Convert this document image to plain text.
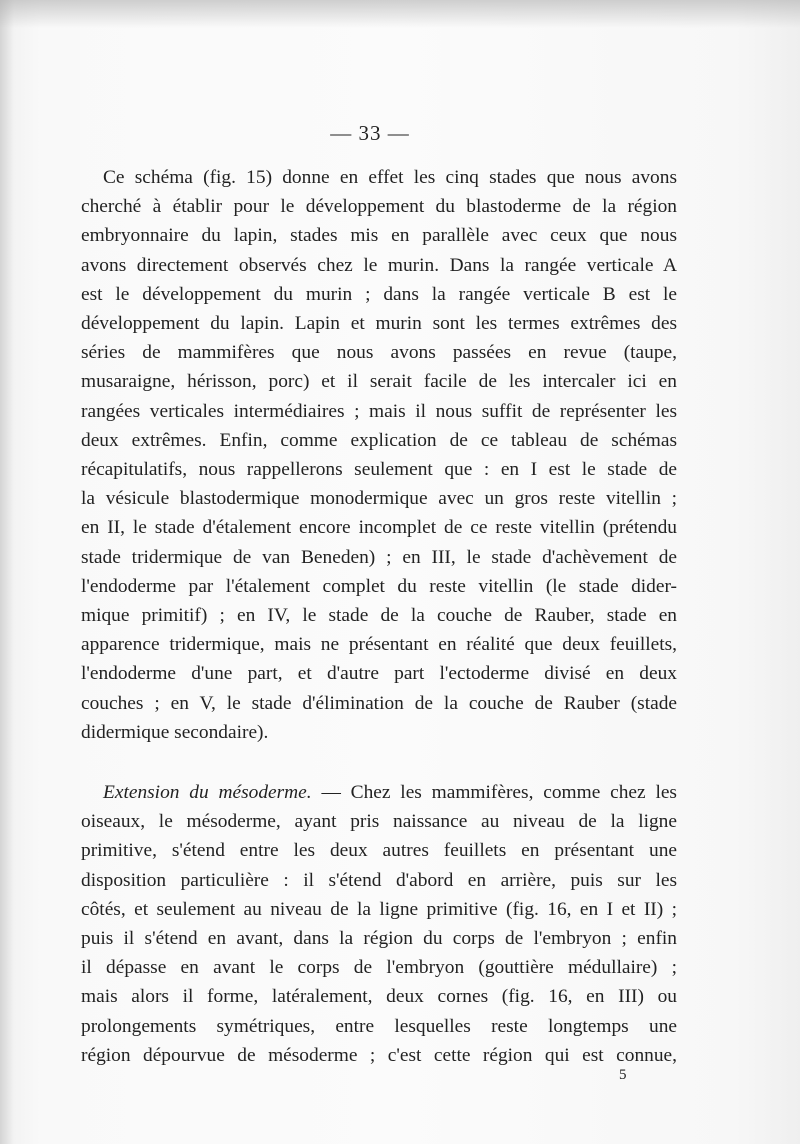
— 33 —
Ce schéma (fig. 15) donne en effet les cinq stades que nous avons
cherché à établir pour le développement du blastoderme de la région
embryonnaire du lapin, stades mis en parallèle avec ceux que nous
avons directement observés chez le murin. Dans la rangée verticale A
est le développement du murin ; dans la rangée verticale B est le
développement du lapin. Lapin et murin sont les termes extrêmes des
séries de mammifères que nous avons passées en revue (taupe,
musaraigne, hérisson, porc) et il serait facile de les intercaler ici en
rangées verticales intermédiaires ; mais il nous suffit de représenter les
deux extrêmes. Enfin, comme explication de ce tableau de schémas
récapitulatifs, nous rappellerons seulement que : en I est le stade de
la vésicule blastodermique monodermique avec un gros reste vitellin ;
en II, le stade d'étalement encore incomplet de ce reste vitellin (prétendu
stade tridermique de van Beneden) ; en III, le stade d'achèvement de
l'endoderme par l'étalement complet du reste vitellin (le stade dider-
mique primitif) ; en IV, le stade de la couche de Rauber, stade en
apparence tridermique, mais ne présentant en réalité que deux feuillets,
l'endoderme d'une part, et d'autre part l'ectoderme divisé en deux
couches ; en V, le stade d'élimination de la couche de Rauber (stade
didermique secondaire).
Extension du mésoderme. — Chez les mammifères, comme chez les
oiseaux, le mésoderme, ayant pris naissance au niveau de la ligne
primitive, s'étend entre les deux autres feuillets en présentant une
disposition particulière : il s'étend d'abord en arrière, puis sur les
côtés, et seulement au niveau de la ligne primitive (fig. 16, en I et II) ;
puis il s'étend en avant, dans la région du corps de l'embryon ; enfin
il dépasse en avant le corps de l'embryon (gouttière médullaire) ;
mais alors il forme, latéralement, deux cornes (fig. 16, en III) ou
prolongements symétriques, entre lesquelles reste longtemps une
région dépourvue de mésoderme ; c'est cette région qui est connue,
5
